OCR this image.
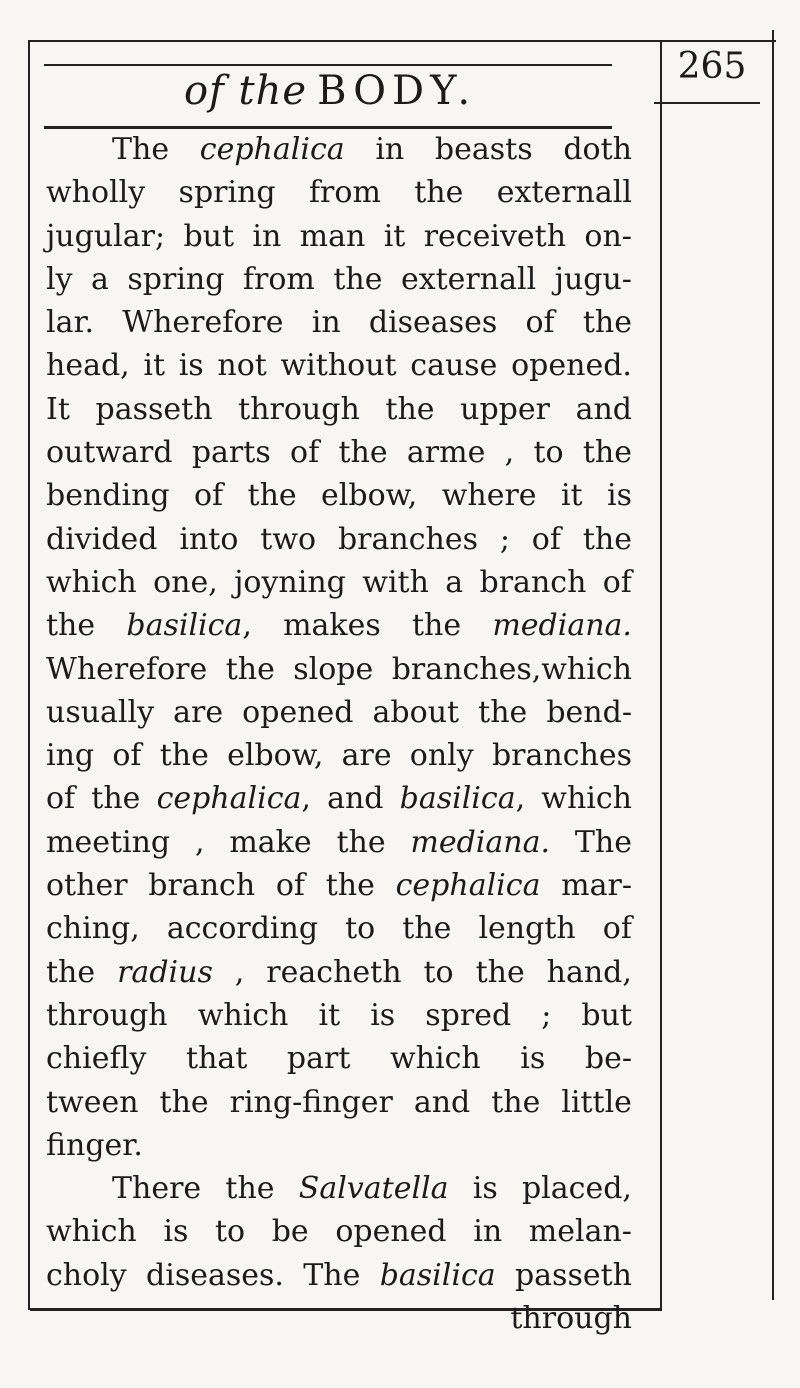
of the BODY.
265
The cephalica in beasts doth
wholly spring from the externall
jugular; but in man it receiveth on-
ly a spring from the externall jugu-
lar. Wherefore in diseases of the
head, it is not without cause opened.
It passeth through the upper and
outward parts of the arme , to the
bending of the elbow, where it is
divided into two branches ; of the
which one, joyning with a branch of
the basilica, makes the mediana.
Wherefore the slope branches,which
usually are opened about the bend-
ing of the elbow, are only branches
of the cephalica, and basilica, which
meeting , make the mediana. The
other branch of the cephalica mar-
ching, according to the length of
the radius , reacheth to the hand,
through which it is spred ; but
chiefly that part which is be-
tween the ring-finger and the little
finger.
There the Salvatella is placed,
which is to be opened in melan-
choly diseases. The basilica passeth
through
